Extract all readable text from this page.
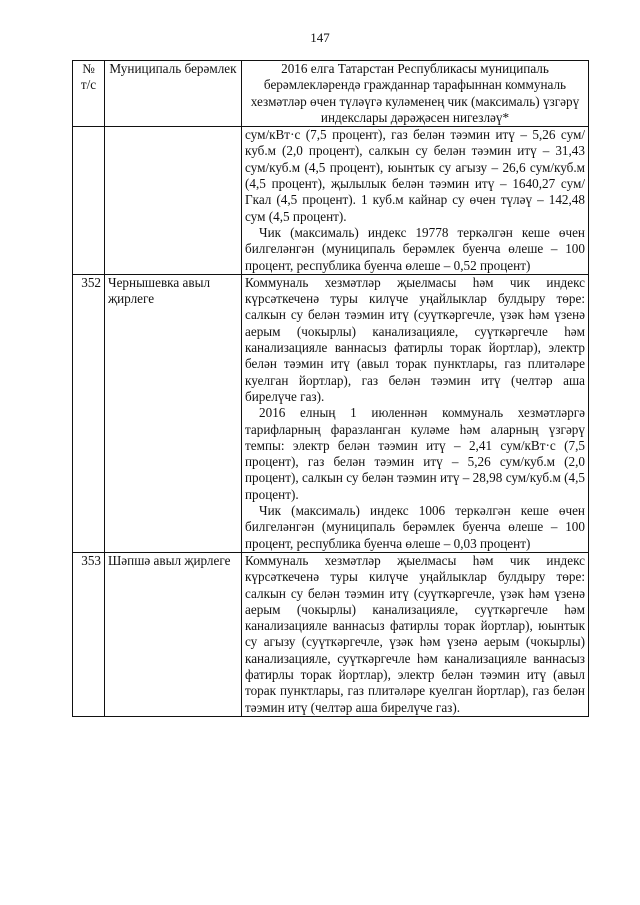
147
№ т/с	Муниципаль берәмлек	2016 елга Татарстан Республикасы муниципаль берәмлекләрендә гражданнар тарафыннан коммуналь хезмәтләр өчен түләүгә куләменең чик (максималь) үзгәрү индекслары дәрәҗәсен нигезләү*

		сум/кВт·с (7,5 процент), газ белән тәэмин итү – 5,26 сум/куб.м (2,0 процент), салкын су белән тәэмин итү – 31,43 сум/куб.м (4,5 процент), юынтык су агызу – 26,6 сум/куб.м (4,5 процент), җылылык белән тәэмин итү – 1640,27 сум/Гкал (4,5 процент). 1 куб.м кайнар су өчен түләү – 142,48 сум (4,5 процент).

Чик (максималь) индекс 19778 теркәлгән кеше өчен билгеләнгән (муниципаль берәмлек буенча өлеше – 100 процент, республика буенча өлеше – 0,52 процент)

352	Чернышевка авыл җирлеге	Коммуналь хезмәтләр җыелмасы һәм чик индекс күрсәткеченә туры килүче уңайлыклар булдыру төре: салкын су белән тәэмин итү (суүткәргечле, үзәк һәм үзенә аерым (чокырлы) канализацияле, суүткәргечле һәм канализацияле ваннасыз фатирлы торак йортлар), электр белән тәэмин итү (авыл торак пунктлары, газ плитәләре куелган йортлар), газ белән тәэмин итү (челтәр аша бирелүче газ).

2016 елның 1 июленнән коммуналь хезмәтләргә тарифларның фаразланган куләме һәм аларның үзгәрү темпы: электр белән тәэмин итү – 2,41 сум/кВт·с (7,5 процент), газ белән тәэмин итү – 5,26 сум/куб.м (2,0 процент), салкын су белән тәэмин итү – 28,98 сум/куб.м (4,5 процент).

Чик (максималь) индекс 1006 теркәлгән кеше өчен билгеләнгән (муниципаль берәмлек буенча өлеше – 100 процент, республика буенча өлеше – 0,03 процент)

353	Шәпшә авыл җирлеге	Коммуналь хезмәтләр җыелмасы һәм чик индекс күрсәткеченә туры килүче уңайлыклар булдыру төре: салкын су белән тәэмин итү (суүткәргечле, үзәк һәм үзенә аерым (чокырлы) канализацияле, суүткәргечле һәм канализацияле ваннасыз фатирлы торак йортлар), юынтык су агызу (суүткәргечле, үзәк һәм үзенә аерым (чокырлы) канализацияле, суүткәргечле һәм канализацияле ваннасыз фатирлы торак йортлар), электр белән тәэмин итү (авыл торак пунктлары, газ плитәләре куелган йортлар), газ белән тәэмин итү (челтәр аша бирелүче газ).
